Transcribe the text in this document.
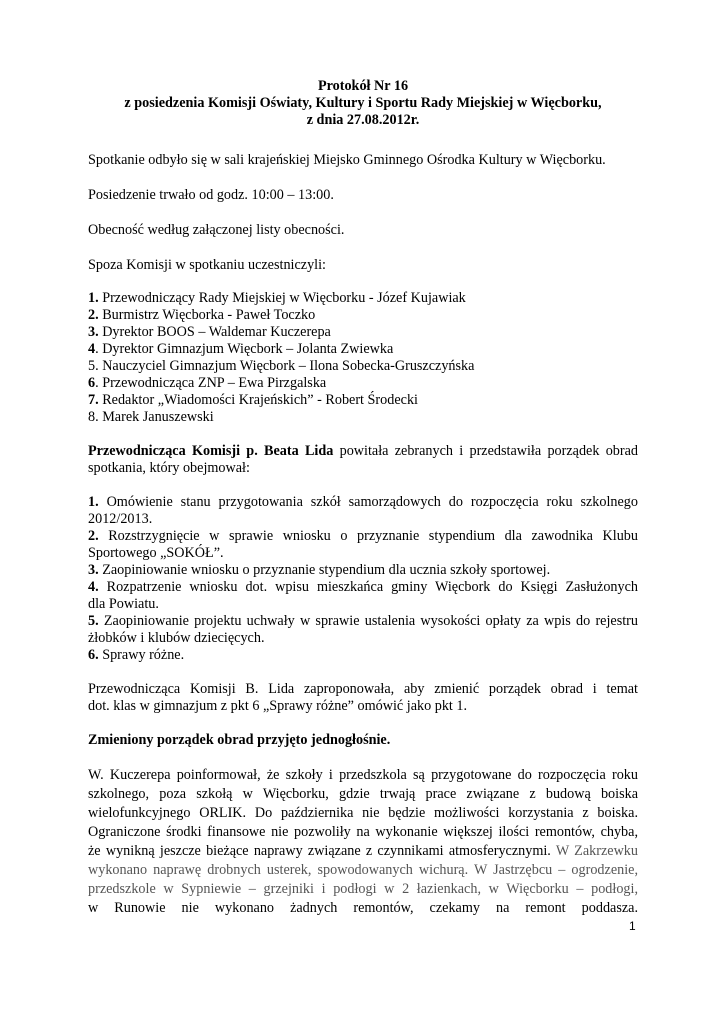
Protokół Nr 16
z posiedzenia Komisji Oświaty, Kultury i Sportu Rady Miejskiej w Więcborku,
z dnia 27.08.2012r.
Spotkanie odbyło się w sali krajeńskiej Miejsko Gminnego Ośrodka Kultury w Więcborku.
Posiedzenie trwało od godz. 10:00 – 13:00.
Obecność według załączonej listy obecności.
Spoza Komisji w spotkaniu uczestniczyli:
1. Przewodniczący Rady Miejskiej w Więcborku - Józef Kujawiak
2. Burmistrz Więcborka - Paweł Toczko
3. Dyrektor BOOS – Waldemar Kuczerepa
4. Dyrektor Gimnazjum Więcbork – Jolanta Zwiewka
5. Nauczyciel Gimnazjum Więcbork – Ilona Sobecka-Gruszczyńska
6. Przewodnicząca ZNP – Ewa Pirzgalska
7. Redaktor „Wiadomości Krajeńskich” - Robert Środecki
8. Marek Januszewski
Przewodnicząca Komisji p. Beata Lida powitała zebranych i przedstawiła porządek obrad
spotkania, który obejmował:
1. Omówienie stanu przygotowania szkół samorządowych do rozpoczęcia roku szkolnego
2012/2013.
2. Rozstrzygnięcie w sprawie wniosku o przyznanie stypendium dla zawodnika Klubu
Sportowego „SOKÓŁ”.
3. Zaopiniowanie wniosku o przyznanie stypendium dla ucznia szkoły sportowej.
4. Rozpatrzenie wniosku dot. wpisu mieszkańca gminy Więcbork do Księgi Zasłużonych
dla Powiatu.
5. Zaopiniowanie projektu uchwały w sprawie ustalenia wysokości opłaty za wpis do rejestru
żłobków i klubów dziecięcych.
6. Sprawy różne.
Przewodnicząca Komisji B. Lida zaproponowała, aby zmienić porządek obrad i temat
dot. klas w gimnazjum z pkt 6 „Sprawy różne” omówić jako pkt 1.
Zmieniony porządek obrad przyjęto jednogłośnie.
W. Kuczerepa poinformował, że szkoły i przedszkola są przygotowane do rozpoczęcia roku
szkolnego, poza szkołą w Więcborku, gdzie trwają prace związane z budową boiska
wielofunkcyjnego ORLIK. Do października nie będzie możliwości korzystania z boiska.
Ograniczone środki finansowe nie pozwoliły na wykonanie większej ilości remontów, chyba,
że wynikną jeszcze bieżące naprawy związane z czynnikami atmosferycznymi. W Zakrzewku
wykonano naprawę drobnych usterek, spowodowanych wichurą. W Jastrzębcu – ogrodzenie,
przedszkole w Sypniewie – grzejniki i podłogi w 2 łazienkach, w Więcborku – podłogi,
w Runowie nie wykonano żadnych remontów, czekamy na remont poddasza.
1
